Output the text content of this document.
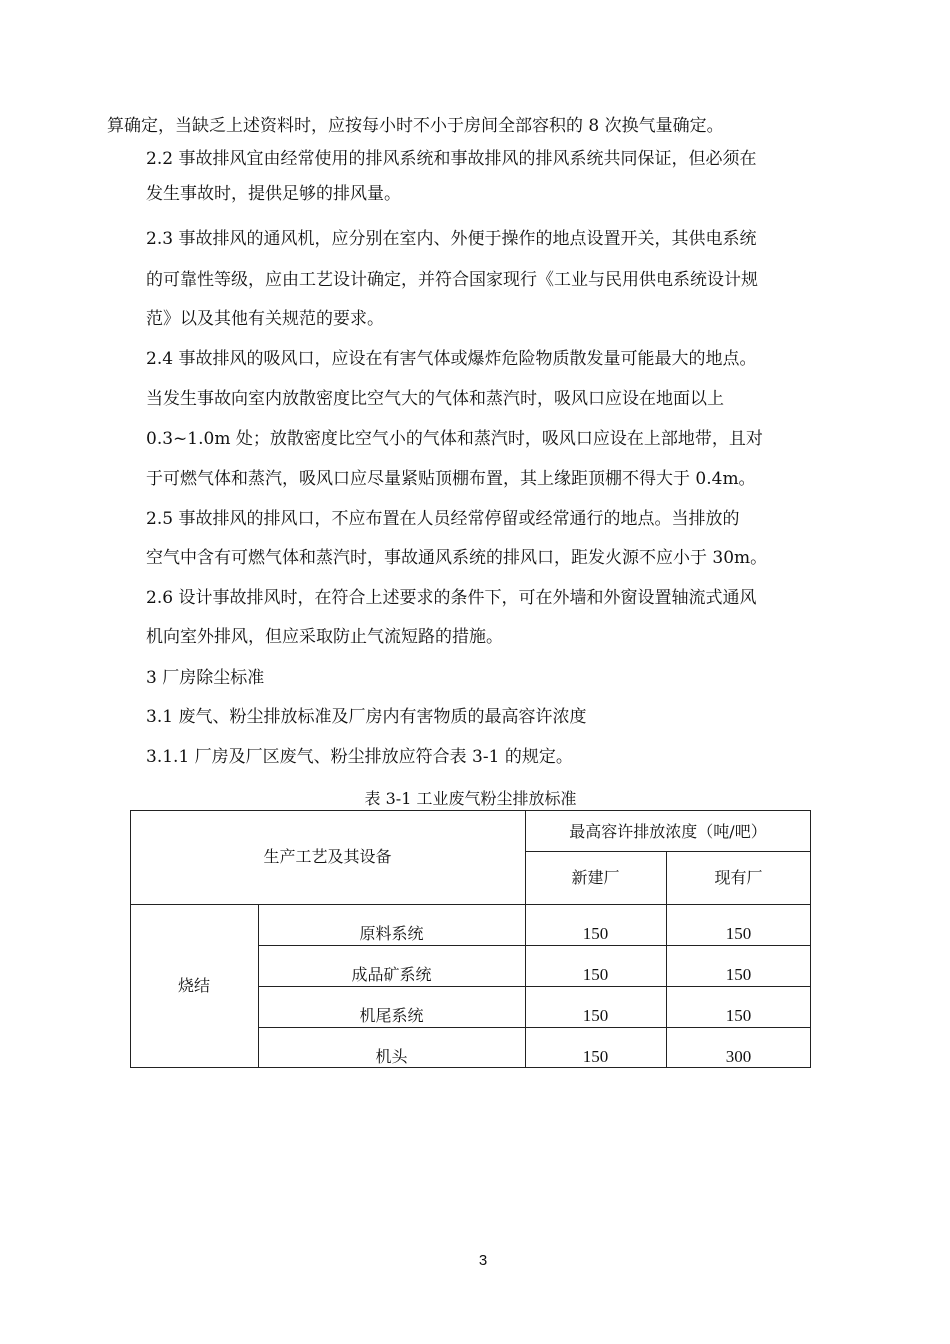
算确定，当缺乏上述资料时，应按每小时不小于房间全部容积的 8 次换气量确定。
2.2 事故排风宜由经常使用的排风系统和事故排风的排风系统共同保证，但必须在
发生事故时，提供足够的排风量。
2.3 事故排风的通风机，应分别在室内、外便于操作的地点设置开关，其供电系统
的可靠性等级，应由工艺设计确定，并符合国家现行《工业与民用供电系统设计规
范》以及其他有关规范的要求。
2.4 事故排风的吸风口，应设在有害气体或爆炸危险物质散发量可能最大的地点。
当发生事故向室内放散密度比空气大的气体和蒸汽时，吸风口应设在地面以上
0.3~1.0m 处；放散密度比空气小的气体和蒸汽时，吸风口应设在上部地带，且对
于可燃气体和蒸汽，吸风口应尽量紧贴顶棚布置，其上缘距顶棚不得大于 0.4m。
2.5 事故排风的排风口，不应布置在人员经常停留或经常通行的地点。当排放的
空气中含有可燃气体和蒸汽时，事故通风系统的排风口，距发火源不应小于 30m。
2.6 设计事故排风时，在符合上述要求的条件下，可在外墙和外窗设置轴流式通风
机向室外排风，但应采取防止气流短路的措施。
3 厂房除尘标准
3.1 废气、粉尘排放标准及厂房内有害物质的最高容许浓度
3.1.1 厂房及厂区废气、粉尘排放应符合表 3-1 的规定。
表 3-1 工业废气粉尘排放标准
生产工艺及其设备
最高容许排放浓度（吨/吧）
新建厂	现有厂
烧结
原料系统	150	150
成品矿系统	150	150
机尾系统	150	150
机头	150	300
3
